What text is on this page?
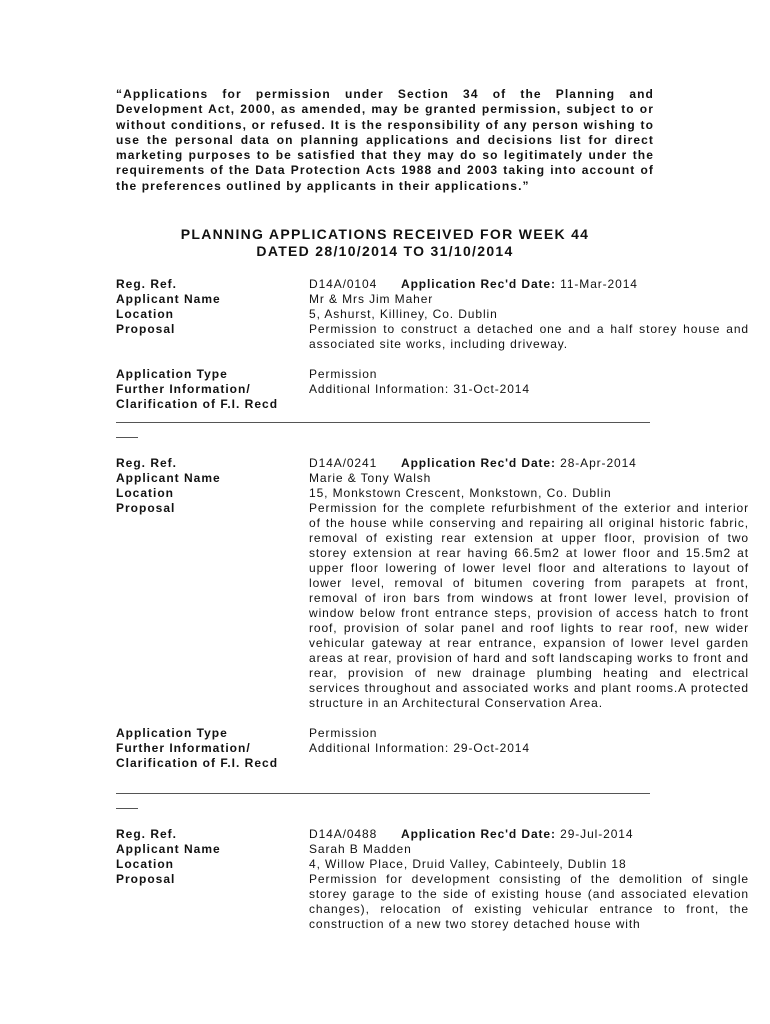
“Applications for permission under Section 34 of the Planning and Development Act, 2000, as amended, may be granted permission, subject to or without conditions, or refused. It is the responsibility of any person wishing to use the personal data on planning applications and decisions list for direct marketing purposes to be satisfied that they may do so legitimately under the requirements of the Data Protection Acts 1988 and 2003 taking into account of the preferences outlined by applicants in their applications.”
PLANNING APPLICATIONS RECEIVED FOR WEEK 44
DATED 28/10/2014 TO 31/10/2014
Reg. Ref.	D14A/0104 Application Rec'd Date: 11-Mar-2014
Applicant Name	Mr & Mrs Jim Maher
Location	5, Ashurst, Killiney, Co. Dublin
Proposal	Permission to construct a detached one and a half storey house and associated site works, including driveway.
Application Type	Permission
Further Information/	Additional Information: 31-Oct-2014
Clarification of F.I. Recd
Reg. Ref.	D14A/0241 Application Rec'd Date: 28-Apr-2014
Applicant Name	Marie & Tony Walsh
Location	15, Monkstown Crescent, Monkstown, Co. Dublin
Proposal	Permission for the complete refurbishment of the exterior and interior of the house while conserving and repairing all original historic fabric, removal of existing rear extension at upper floor, provision of two storey extension at rear having 66.5m2 at lower floor and 15.5m2 at upper floor lowering of lower level floor and alterations to layout of lower level, removal of bitumen covering from parapets at front, removal of iron bars from windows at front lower level, provision of window below front entrance steps, provision of access hatch to front roof, provision of solar panel and roof lights to rear roof, new wider vehicular gateway at rear entrance, expansion of lower level garden areas at rear, provision of hard and soft landscaping works to front and rear, provision of new drainage plumbing heating and electrical services throughout and associated works and plant rooms.A protected structure in an Architectural Conservation Area.
Application Type	Permission
Further Information/	Additional Information: 29-Oct-2014
Clarification of F.I. Recd
Reg. Ref.	D14A/0488 Application Rec'd Date: 29-Jul-2014
Applicant Name	Sarah B Madden
Location	4, Willow Place, Druid Valley, Cabinteely, Dublin 18
Proposal	Permission for development consisting of the demolition of single storey garage to the side of existing house (and associated elevation changes), relocation of existing vehicular entrance to front, the construction of a new two storey detached house with
